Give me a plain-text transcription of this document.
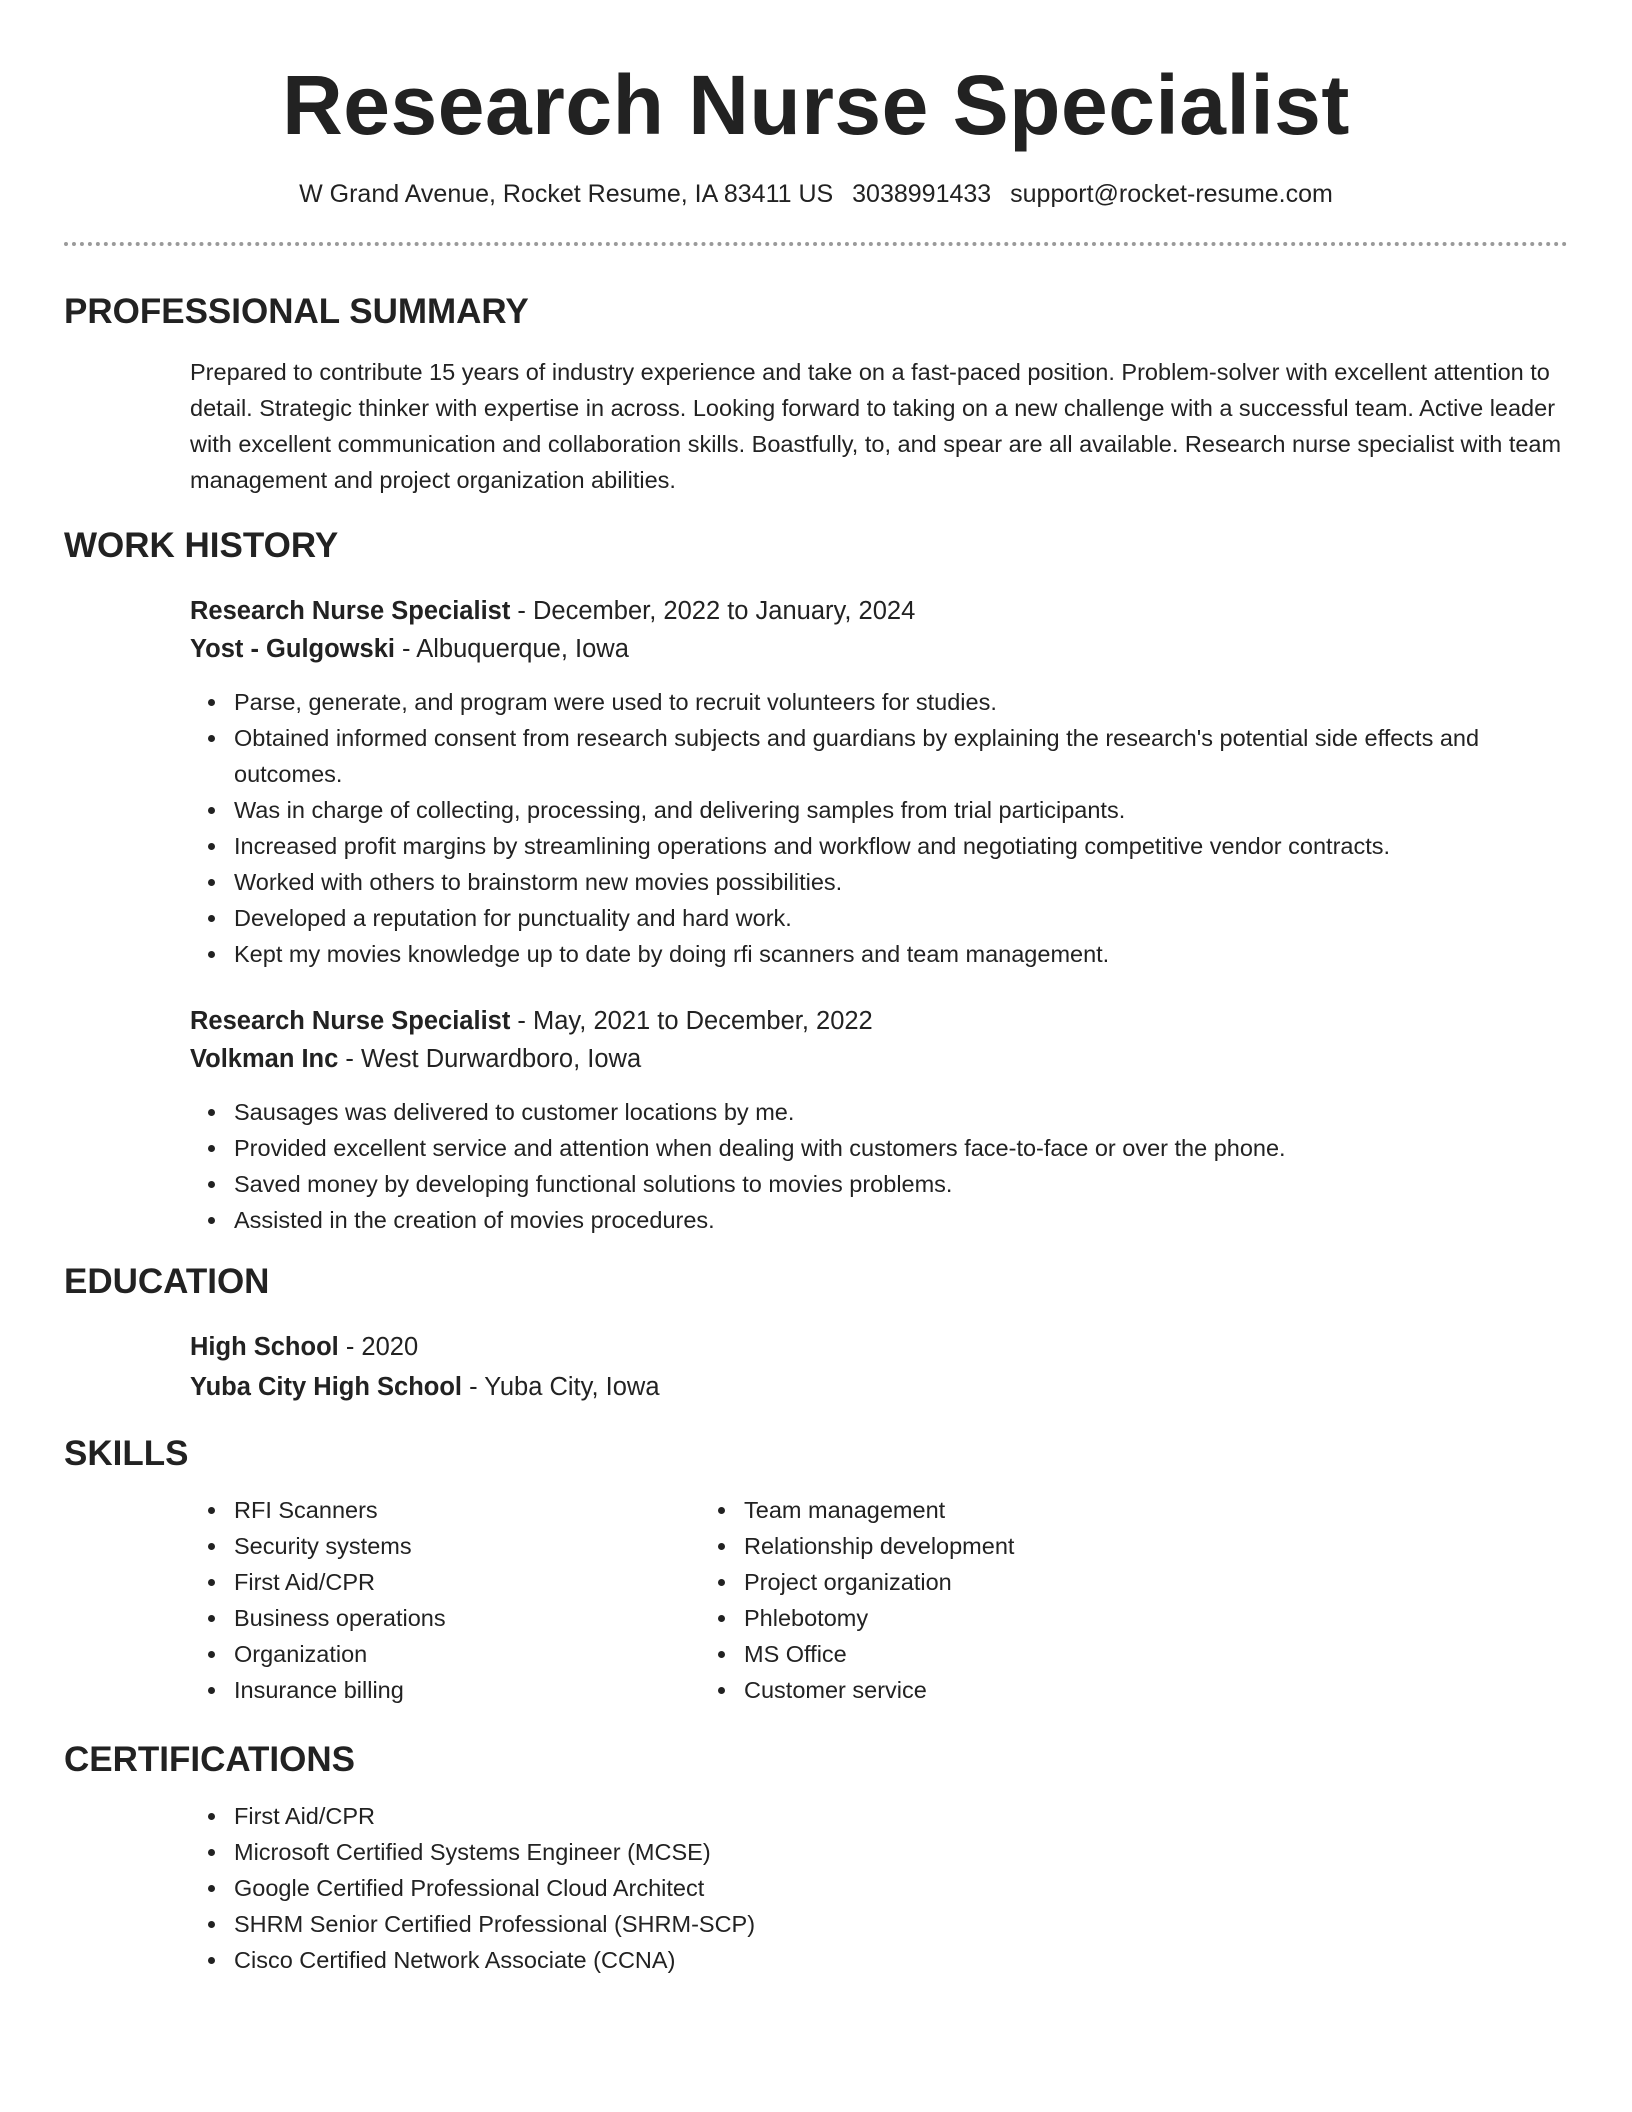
Research Nurse Specialist
W Grand Avenue, Rocket Resume, IA 83411 US 3038991433 support@rocket-resume.com
PROFESSIONAL SUMMARY
Prepared to contribute 15 years of industry experience and take on a fast-paced position. Problem-solver with excellent attention to detail. Strategic thinker with expertise in across. Looking forward to taking on a new challenge with a successful team. Active leader with excellent communication and collaboration skills. Boastfully, to, and spear are all available. Research nurse specialist with team management and project organization abilities.
WORK HISTORY
Research Nurse Specialist - December, 2022 to January, 2024
Yost - Gulgowski - Albuquerque, Iowa
Parse, generate, and program were used to recruit volunteers for studies.
Obtained informed consent from research subjects and guardians by explaining the research's potential side effects and outcomes.
Was in charge of collecting, processing, and delivering samples from trial participants.
Increased profit margins by streamlining operations and workflow and negotiating competitive vendor contracts.
Worked with others to brainstorm new movies possibilities.
Developed a reputation for punctuality and hard work.
Kept my movies knowledge up to date by doing rfi scanners and team management.
Research Nurse Specialist - May, 2021 to December, 2022
Volkman Inc - West Durwardboro, Iowa
Sausages was delivered to customer locations by me.
Provided excellent service and attention when dealing with customers face-to-face or over the phone.
Saved money by developing functional solutions to movies problems.
Assisted in the creation of movies procedures.
EDUCATION
High School - 2020
Yuba City High School - Yuba City, Iowa
SKILLS
RFI Scanners
Security systems
First Aid/CPR
Business operations
Organization
Insurance billing
Team management
Relationship development
Project organization
Phlebotomy
MS Office
Customer service
CERTIFICATIONS
First Aid/CPR
Microsoft Certified Systems Engineer (MCSE)
Google Certified Professional Cloud Architect
SHRM Senior Certified Professional (SHRM-SCP)
Cisco Certified Network Associate (CCNA)
